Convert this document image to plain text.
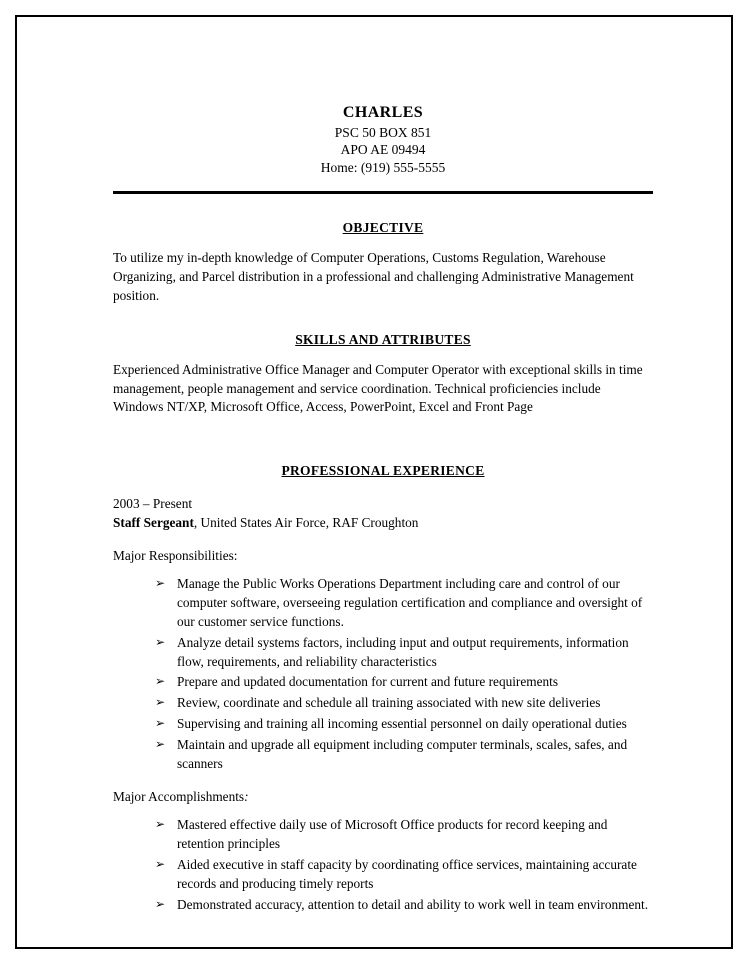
CHARLES
PSC 50 BOX 851
APO AE 09494
Home: (919) 555-5555
OBJECTIVE
To utilize my in-depth knowledge of Computer Operations, Customs Regulation, Warehouse Organizing, and Parcel distribution in a professional and challenging Administrative Management position.
SKILLS AND ATTRIBUTES
Experienced Administrative Office Manager and Computer Operator with exceptional skills in time management, people management and service coordination. Technical proficiencies include Windows NT/XP, Microsoft Office, Access, PowerPoint, Excel and Front Page
PROFESSIONAL EXPERIENCE
2003 – Present
Staff Sergeant, United States Air Force, RAF Croughton
Major Responsibilities:
➢ Manage the Public Works Operations Department including care and control of our computer software, overseeing regulation certification and compliance and oversight of our customer service functions.
➢ Analyze detail systems factors, including input and output requirements, information flow, requirements, and reliability characteristics
➢ Prepare and updated documentation for current and future requirements
➢ Review, coordinate and schedule all training associated with new site deliveries
➢ Supervising and training all incoming essential personnel on daily operational duties
➢ Maintain and upgrade all equipment including computer terminals, scales, safes, and scanners
Major Accomplishments:
➢ Mastered effective daily use of Microsoft Office products for record keeping and retention principles
➢ Aided executive in staff capacity by coordinating office services, maintaining accurate records and producing timely reports
➢ Demonstrated accuracy, attention to detail and ability to work well in team environment.
